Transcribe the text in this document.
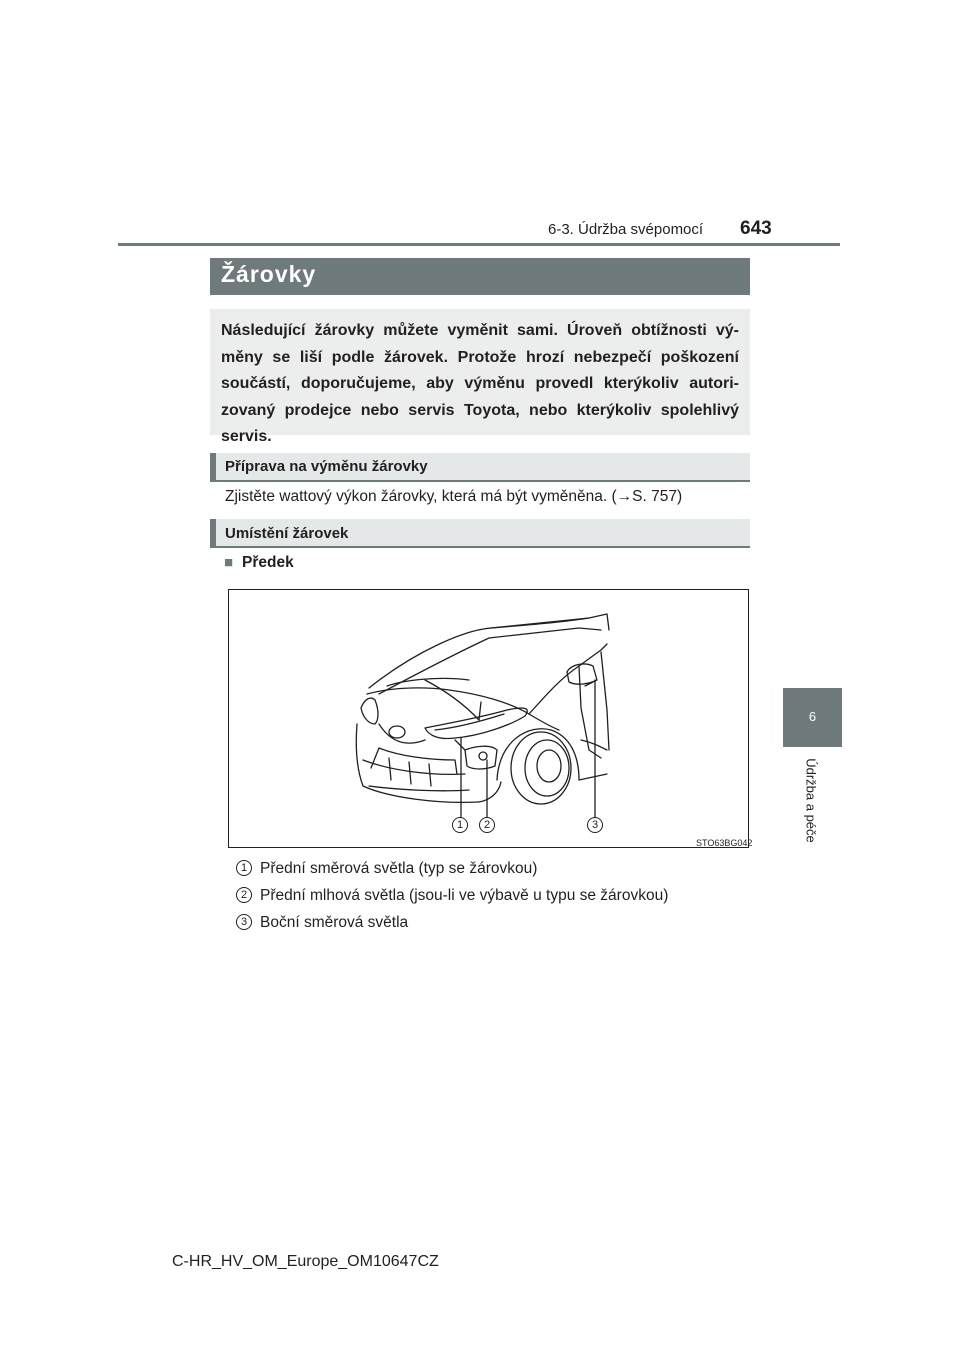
6-3. Údržba svépomocí 643
6
Údržba a péče
Žárovky
Následující žárovky můžete vyměnit sami. Úroveň obtížnosti vý-měny se liší podle žárovek. Protože hrozí nebezpečí poškození součástí, doporučujeme, aby výměnu provedl kterýkoliv autori-zovaný prodejce nebo servis Toyota, nebo kterýkoliv spolehlivý servis.
Příprava na výměnu žárovky
Zjistěte wattový výkon žárovky, která má být vyměněna. (→S. 757)
Umístění žárovek
■ Předek
1	2	3
STO63BG042
1 Přední směrová světla (typ se žárovkou)
2 Přední mlhová světla (jsou-li ve výbavě u typu se žárovkou)
3 Boční směrová světla
C-HR_HV_OM_Europe_OM10647CZ
